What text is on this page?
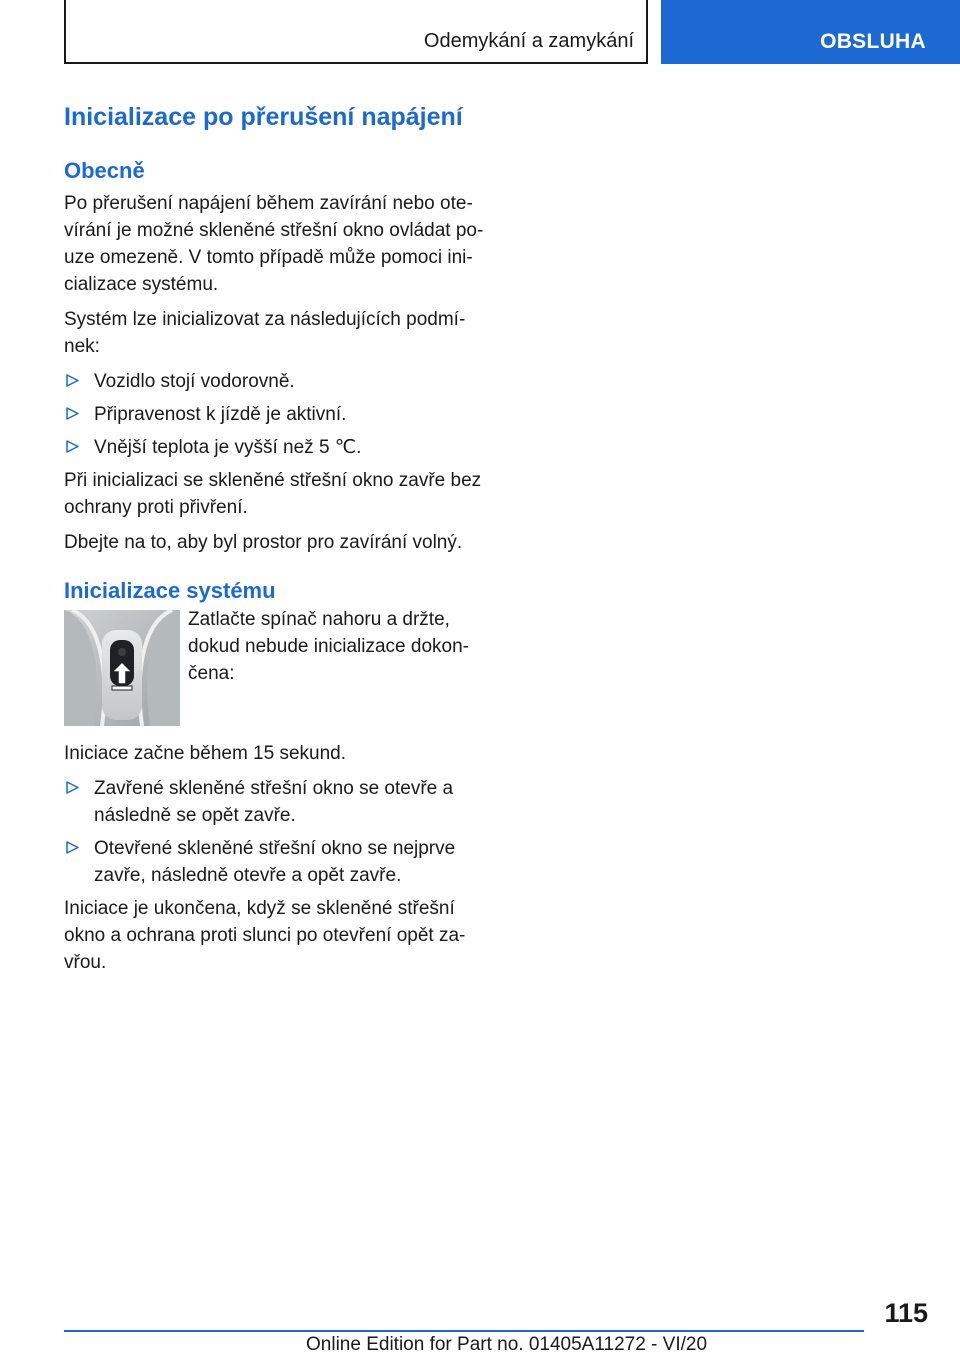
Odemykání a zamykání	OBSLUHA
Inicializace po přerušení napájení
Obecně

Po přerušení napájení během zavírání nebo ote-vírání je možné skleněné střešní okno ovládat po-uze omezeně. V tomto případě může pomoci ini-cializace systému.

Systém lze inicializovat za následujících podmí-nek:

Vozidlo stojí vodorovně.
Připravenost k jízdě je aktivní.
Vnější teplota je vyšší než 5 ℃.

Při inicializaci se skleněné střešní okno zavře bez ochrany proti přivření.

Dbejte na to, aby byl prostor pro zavírání volný.

Inicializace systému
Zatlačte spínač nahoru a držte, dokud nebude inicializace dokon-čena:

Iniciace začne během 15 sekund.

Zavřené skleněné střešní okno se otevře a následně se opět zavře.
Otevřené skleněné střešní okno se nejprve zavře, následně otevře a opět zavře.

Iniciace je ukončena, když se skleněné střešní okno a ochrana proti slunci po otevření opět za-vřou.

115
Online Edition for Part no. 01405A11272 - VI/20
